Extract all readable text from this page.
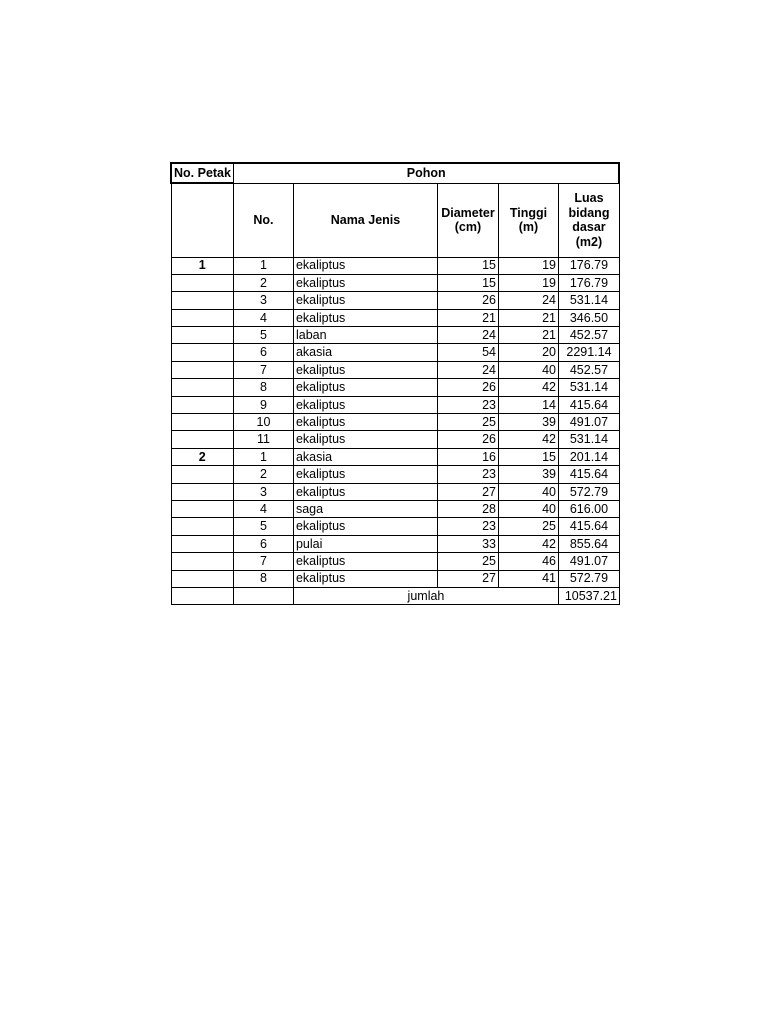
No. Petak	Pohon				
	No.	Nama Jenis	Diameter (cm)	Tinggi (m)	Luas bidang dasar (m2)
1	1	ekaliptus	15	19	176.79
	2	ekaliptus	15	19	176.79
	3	ekaliptus	26	24	531.14
	4	ekaliptus	21	21	346.50
	5	laban	24	21	452.57
	6	akasia	54	20	2291.14
	7	ekaliptus	24	40	452.57
	8	ekaliptus	26	42	531.14
	9	ekaliptus	23	14	415.64
	10	ekaliptus	25	39	491.07
	11	ekaliptus	26	42	531.14
2	1	akasia	16	15	201.14
	2	ekaliptus	23	39	415.64
	3	ekaliptus	27	40	572.79
	4	saga	28	40	616.00
	5	ekaliptus	23	25	415.64
	6	pulai	33	42	855.64
	7	ekaliptus	25	46	491.07
	8	ekaliptus	27	41	572.79
		jumlah			10537.21
